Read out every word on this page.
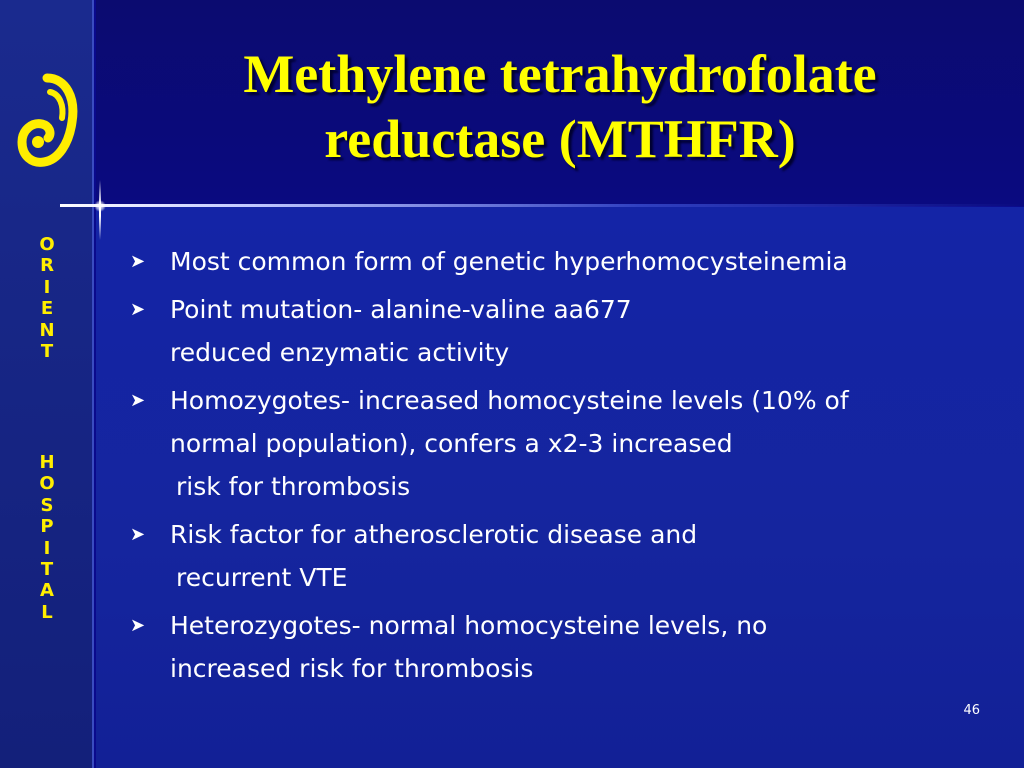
O
R
I
E
N
T
H
O
S
P
I
T
A
L
Methylene tetrahydrofolate
reductase (MTHFR)
➤ Most common form of genetic hyperhomocysteinemia
➤ Point mutation- alanine-valine aa677
reduced enzymatic activity
➤ Homozygotes- increased homocysteine levels (10% of
normal population), confers a x2-3 increased
risk for thrombosis
➤ Risk factor for atherosclerotic disease and
recurrent VTE
➤ Heterozygotes- normal homocysteine levels, no
increased risk for thrombosis
46
